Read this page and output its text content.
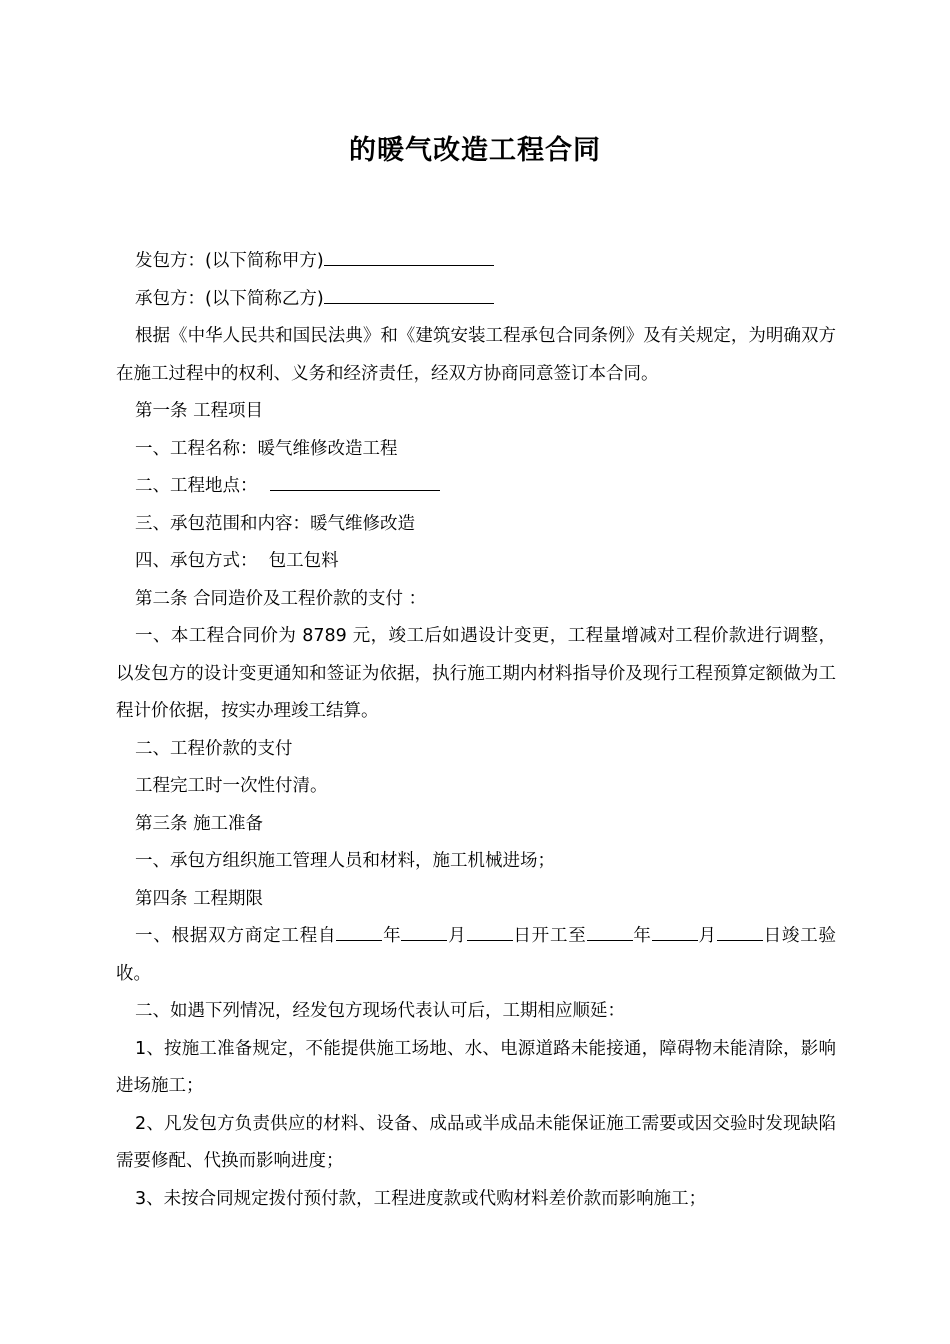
的暖气改造工程合同

发包方：(以下简称甲方)

承包方：(以下简称乙方)

根据《中华人民共和国民法典》和《建筑安装工程承包合同条例》及有关规定，为明确双方在施工过程中的权利、义务和经济责任，经双方协商同意签订本合同。

第一条 工程项目

一、工程名称：暖气维修改造工程

二、工程地点：

三、承包范围和内容：暖气维修改造

四、承包方式：  包工包料

第二条 合同造价及工程价款的支付 ：

一、本工程合同价为 8789 元，竣工后如遇设计变更，工程量增减对工程价款进行调整，以发包方的设计变更通知和签证为依据，执行施工期内材料指导价及现行工程预算定额做为工程计价依据，按实办理竣工结算。

二、工程价款的支付

工程完工时一次性付清。

第三条 施工准备

一、承包方组织施工管理人员和材料，施工机械进场；

第四条 工程期限

一、根据双方商定工程自	年	月	日开工至	年	月	日竣工验收。

二、如遇下列情况，经发包方现场代表认可后，工期相应顺延：

1、按施工准备规定，不能提供施工场地、水、电源道路未能接通，障碍物未能清除，影响进场施工；

2、凡发包方负责供应的材料、设备、成品或半成品未能保证施工需要或因交验时发现缺陷需要修配、代换而影响进度；

3、未按合同规定拨付预付款，工程进度款或代购材料差价款而影响施工；
